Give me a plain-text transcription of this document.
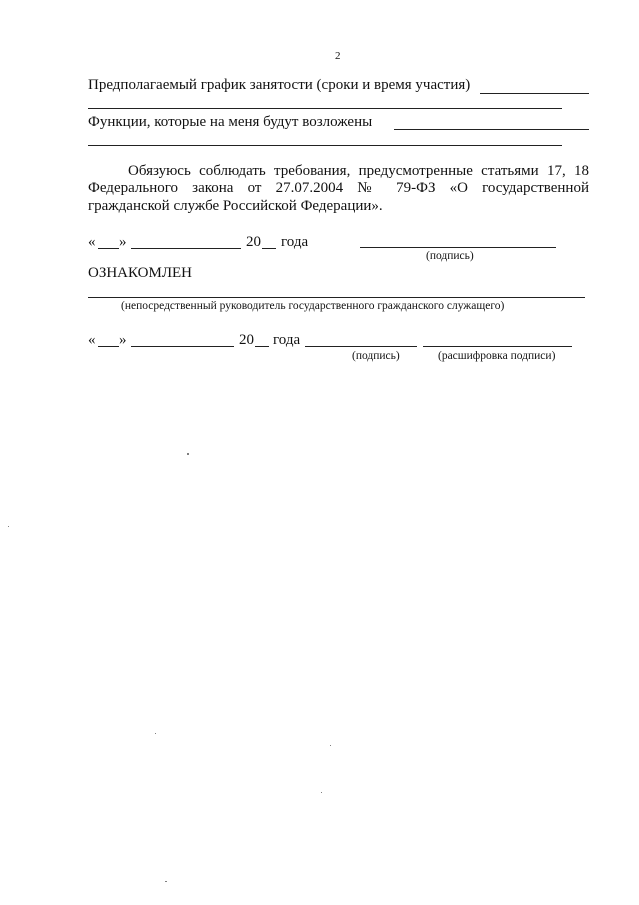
2
Предполагаемый график занятости (сроки и время участия)
Функции, которые на меня будут возложены
Обязуюсь соблюдать требования, предусмотренные статьями 17, 18
Федерального закона от 27.07.2004 № 79-ФЗ «О государственной
гражданской службе Российской Федерации».
« »	20 года
(подпись)
ОЗНАКОМЛЕН
(непосредственный руководитель государственного гражданского служащего)
« »	20 года
(подпись)	(расшифровка подписи)
